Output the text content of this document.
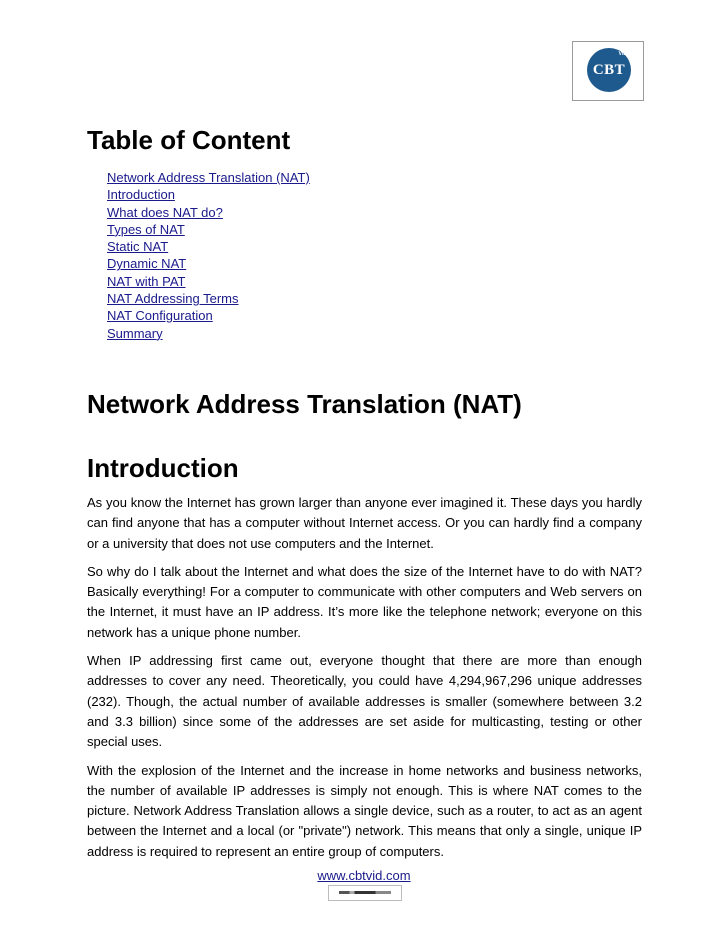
VID
CBT
Table of Content
Network Address Translation (NAT)
Introduction
What does NAT do?
Types of NAT
Static NAT
Dynamic NAT
NAT with PAT
NAT Addressing Terms
NAT Configuration
Summary
Network Address Translation (NAT)
Introduction

As you know the Internet has grown larger than anyone ever imagined it. These days you hardly can find anyone that has a computer without Internet access. Or you can hardly find a company or a university that does not use computers and the Internet.

So why do I talk about the Internet and what does the size of the Internet have to do with NAT? Basically everything! For a computer to communicate with other computers and Web servers on the Internet, it must have an IP address. It’s more like the telephone network; everyone on this network has a unique phone number.

When IP addressing first came out, everyone thought that there are more than enough addresses to cover any need. Theoretically, you could have 4,294,967,296 unique addresses (232). Though, the actual number of available addresses is smaller (somewhere between 3.2 and 3.3 billion) since some of the addresses are set aside for multicasting, testing or other special uses.

With the explosion of the Internet and the increase in home networks and business networks, the number of available IP addresses is simply not enough. This is where NAT comes to the picture. Network Address Translation allows a single device, such as a router, to act as an agent between the Internet and a local (or "private") network. This means that only a single, unique IP address is required to represent an entire group of computers.

www.cbtvid.com
